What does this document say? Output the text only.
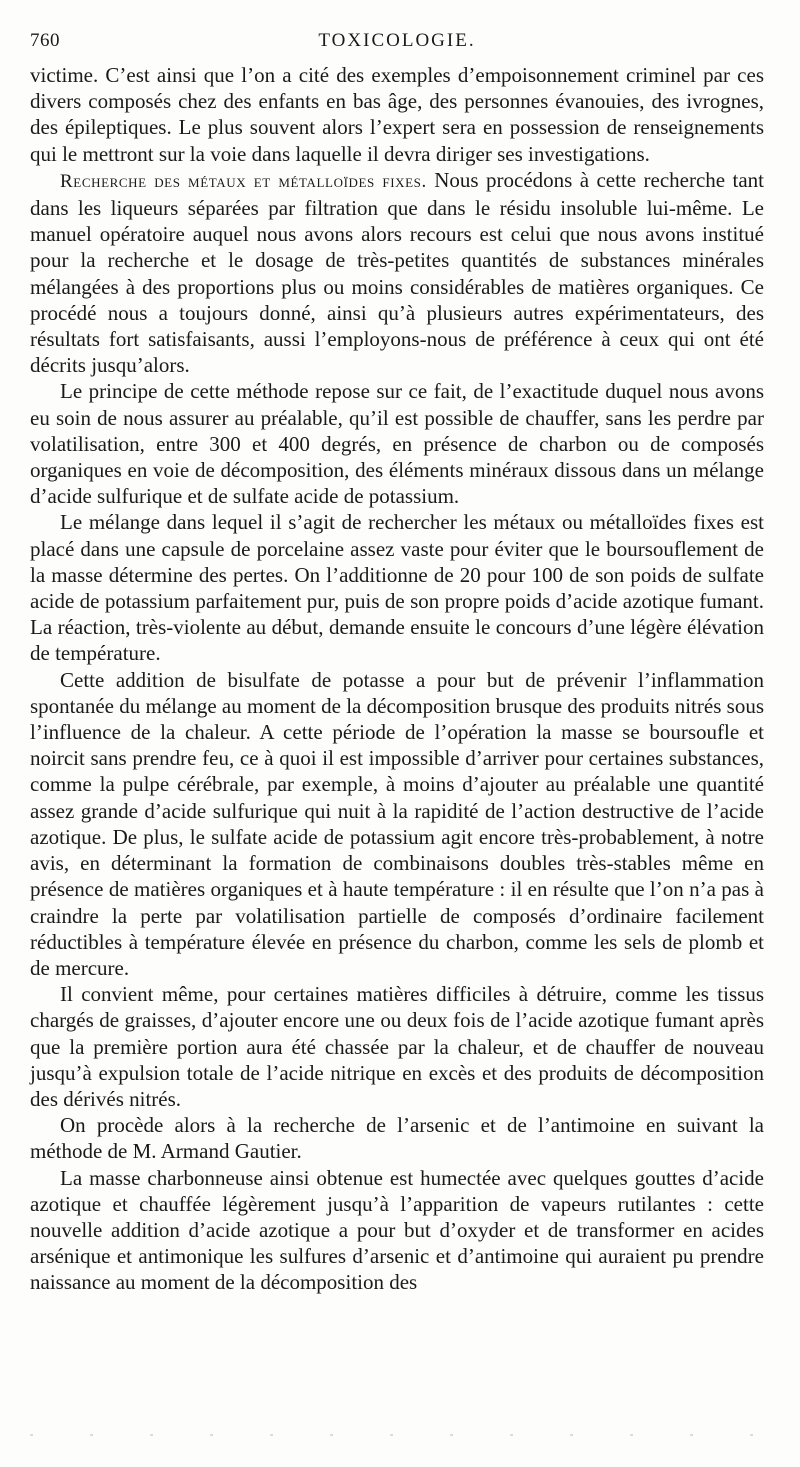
760	TOXICOLOGIE.

victime. C’est ainsi que l’on a cité des exemples d’empoisonnement criminel par ces divers composés chez des enfants en bas âge, des personnes évanouies, des ivrognes, des épileptiques. Le plus souvent alors l’expert sera en possession de renseignements qui le mettront sur la voie dans laquelle il devra diriger ses investigations.

Recherche des métaux et métalloïdes fixes. Nous procédons à cette recherche tant dans les liqueurs séparées par filtration que dans le résidu insoluble lui-même. Le manuel opératoire auquel nous avons alors recours est celui que nous avons institué pour la recherche et le dosage de très-petites quantités de substances minérales mélangées à des proportions plus ou moins considérables de matières organiques. Ce procédé nous a toujours donné, ainsi qu’à plusieurs autres expérimentateurs, des résultats fort satisfaisants, aussi l’employons-nous de préférence à ceux qui ont été décrits jusqu’alors.

Le principe de cette méthode repose sur ce fait, de l’exactitude duquel nous avons eu soin de nous assurer au préalable, qu’il est possible de chauffer, sans les perdre par volatilisation, entre 300 et 400 degrés, en présence de charbon ou de composés organiques en voie de décomposition, des éléments minéraux dissous dans un mélange d’acide sulfurique et de sulfate acide de potassium.

Le mélange dans lequel il s’agit de rechercher les métaux ou métalloïdes fixes est placé dans une capsule de porcelaine assez vaste pour éviter que le boursouflement de la masse détermine des pertes. On l’additionne de 20 pour 100 de son poids de sulfate acide de potassium parfaitement pur, puis de son propre poids d’acide azotique fumant. La réaction, très-violente au début, demande ensuite le concours d’une légère élévation de température.

Cette addition de bisulfate de potasse a pour but de prévenir l’inflammation spontanée du mélange au moment de la décomposition brusque des produits nitrés sous l’influence de la chaleur. A cette période de l’opération la masse se boursoufle et noircit sans prendre feu, ce à quoi il est impossible d’arriver pour certaines substances, comme la pulpe cérébrale, par exemple, à moins d’ajouter au préalable une quantité assez grande d’acide sulfurique qui nuit à la rapidité de l’action destructive de l’acide azotique. De plus, le sulfate acide de potassium agit encore très-probablement, à notre avis, en déterminant la formation de combinaisons doubles très-stables même en présence de matières organiques et à haute température : il en résulte que l’on n’a pas à craindre la perte par volatilisation partielle de composés d’ordinaire facilement réductibles à température élevée en présence du charbon, comme les sels de plomb et de mercure.

Il convient même, pour certaines matières difficiles à détruire, comme les tissus chargés de graisses, d’ajouter encore une ou deux fois de l’acide azotique fumant après que la première portion aura été chassée par la chaleur, et de chauffer de nouveau jusqu’à expulsion totale de l’acide nitrique en excès et des produits de décomposition des dérivés nitrés.

On procède alors à la recherche de l’arsenic et de l’antimoine en suivant la méthode de M. Armand Gautier.

La masse charbonneuse ainsi obtenue est humectée avec quelques gouttes d’acide azotique et chauffée légèrement jusqu’à l’apparition de vapeurs rutilantes : cette nouvelle addition d’acide azotique a pour but d’oxyder et de transformer en acides arsénique et antimonique les sulfures d’arsenic et d’antimoine qui auraient pu prendre naissance au moment de la décomposition des
